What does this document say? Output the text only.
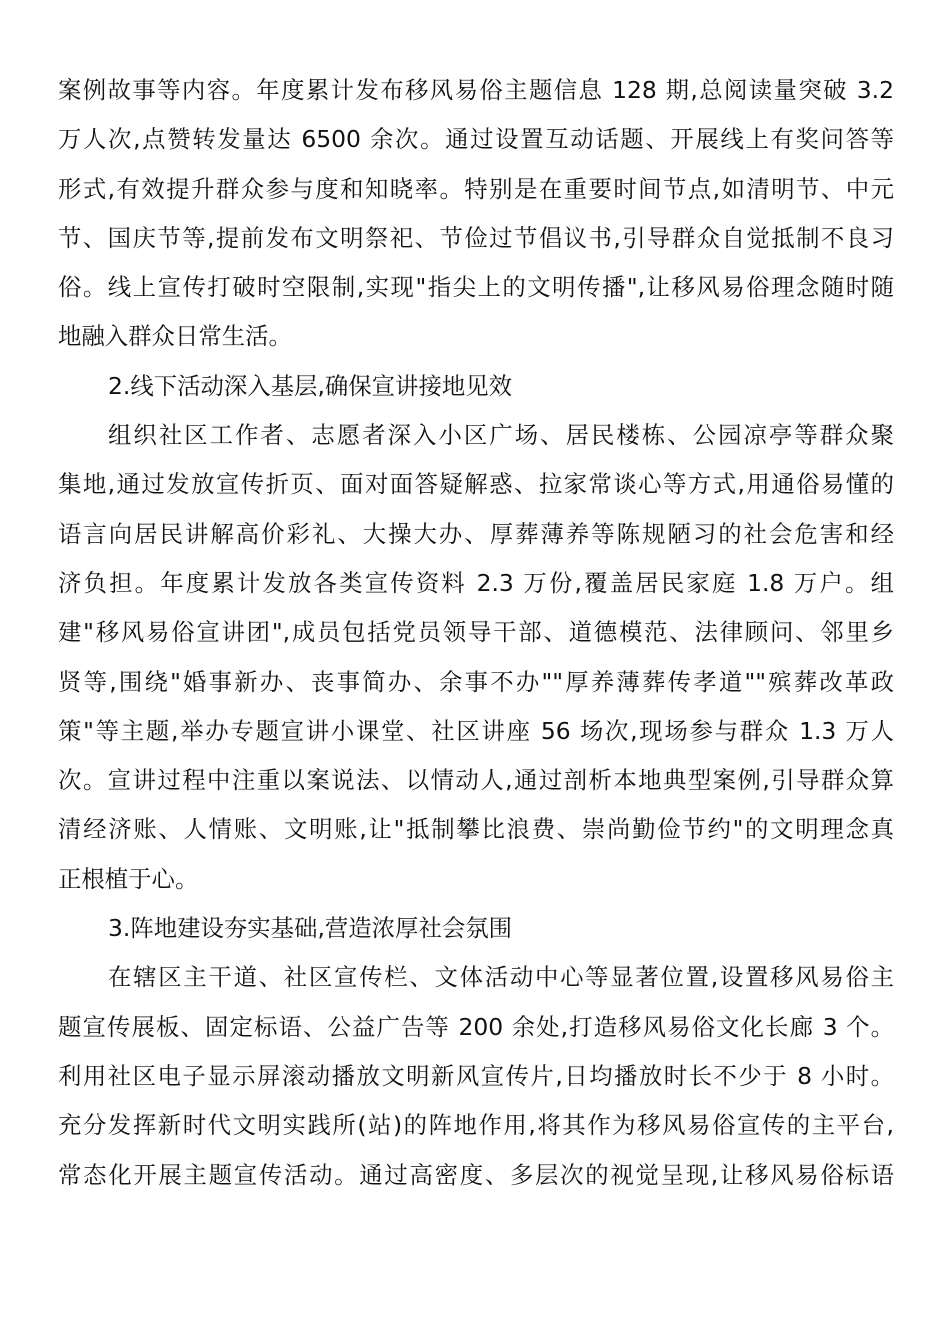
案例故事等内容。年度累计发布移风易俗主题信息 128 期,总阅读量突破 3.2
万人次,点赞转发量达 6500 余次。通过设置互动话题、开展线上有奖问答等
形式,有效提升群众参与度和知晓率。特别是在重要时间节点,如清明节、中元
节、国庆节等,提前发布文明祭祀、节俭过节倡议书,引导群众自觉抵制不良习
俗。线上宣传打破时空限制,实现"指尖上的文明传播",让移风易俗理念随时随
地融入群众日常生活。
2.线下活动深入基层,确保宣讲接地见效
组织社区工作者、志愿者深入小区广场、居民楼栋、公园凉亭等群众聚
集地,通过发放宣传折页、面对面答疑解惑、拉家常谈心等方式,用通俗易懂的
语言向居民讲解高价彩礼、大操大办、厚葬薄养等陈规陋习的社会危害和经
济负担。年度累计发放各类宣传资料 2.3 万份,覆盖居民家庭 1.8 万户。组
建"移风易俗宣讲团",成员包括党员领导干部、道德模范、法律顾问、邻里乡
贤等,围绕"婚事新办、丧事简办、余事不办""厚养薄葬传孝道""殡葬改革政
策"等主题,举办专题宣讲小课堂、社区讲座 56 场次,现场参与群众 1.3 万人
次。宣讲过程中注重以案说法、以情动人,通过剖析本地典型案例,引导群众算
清经济账、人情账、文明账,让"抵制攀比浪费、崇尚勤俭节约"的文明理念真
正根植于心。
3.阵地建设夯实基础,营造浓厚社会氛围
在辖区主干道、社区宣传栏、文体活动中心等显著位置,设置移风易俗主
题宣传展板、固定标语、公益广告等 200 余处,打造移风易俗文化长廊 3 个。
利用社区电子显示屏滚动播放文明新风宣传片,日均播放时长不少于 8 小时。
充分发挥新时代文明实践所(站)的阵地作用,将其作为移风易俗宣传的主平台,
常态化开展主题宣传活动。通过高密度、多层次的视觉呈现,让移风易俗标语
